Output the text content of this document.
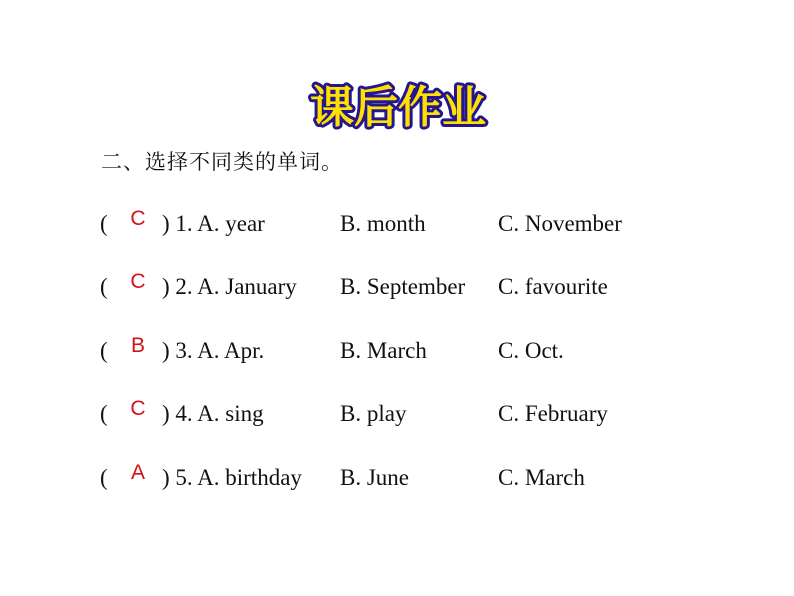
课后作业
二、选择不同类的单词。
( C ) 1. A. year	B. month	C. November
( C ) 2. A. January B. September C. favourite
( B ) 3. A. Apr.	B. March	C. Oct.
( C ) 4. A. sing	B. play	C. February
( A ) 5. A. birthday B. June	C. March
